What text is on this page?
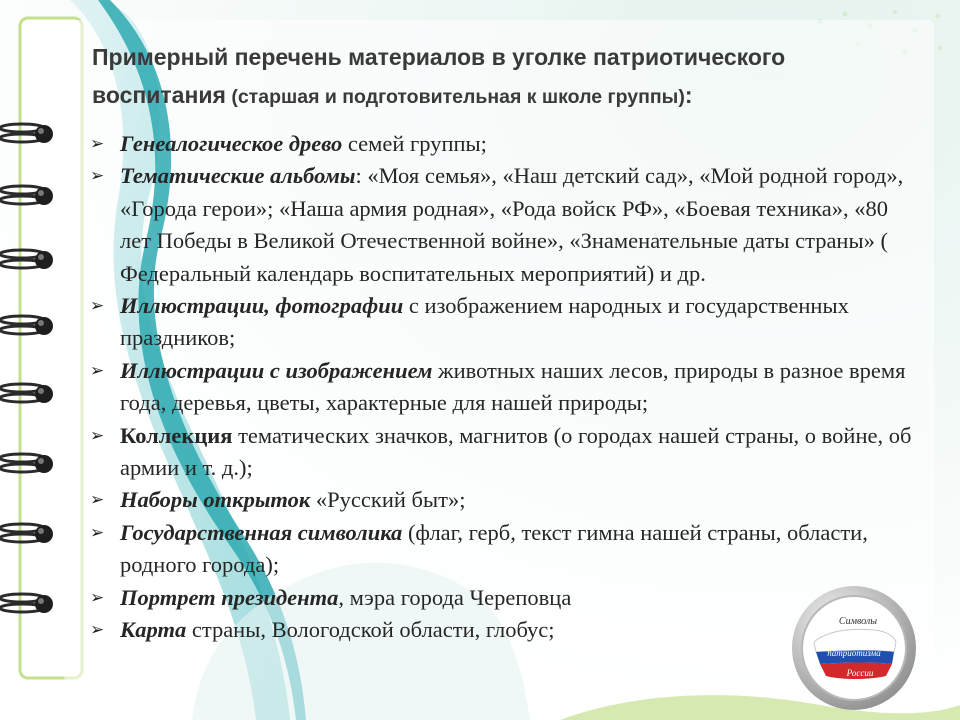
Примерный перечень материалов в уголке патриотического воспитания (старшая и подготовительная к школе группы):
➢ Генеалогическое древо семей группы;
➢ Тематические альбомы: «Моя семья», «Наш детский сад», «Мой родной город», «Города герои»; «Наша армия родная», «Рода войск РФ», «Боевая техника», «80 лет Победы в Великой Отечественной войне», «Знаменательные даты страны» ( Федеральный календарь воспитательных мероприятий) и др.
➢ Иллюстрации, фотографии с изображением народных и государственных праздников;
➢ Иллюстрации с изображением животных наших лесов, природы в разное время года, деревья, цветы, характерные для нашей природы;
➢ Коллекция тематических значков, магнитов (о городах нашей страны, о войне, об армии и т. д.);
➢ Наборы открыток «Русский быт»;
➢ Государственная символика (флаг, герб, текст гимна нашей страны, области, родного города);
➢ Портрет президента, мэра города Череповца
➢ Карта страны, Вологодской области, глобус;	Символы
патриотизма
России
